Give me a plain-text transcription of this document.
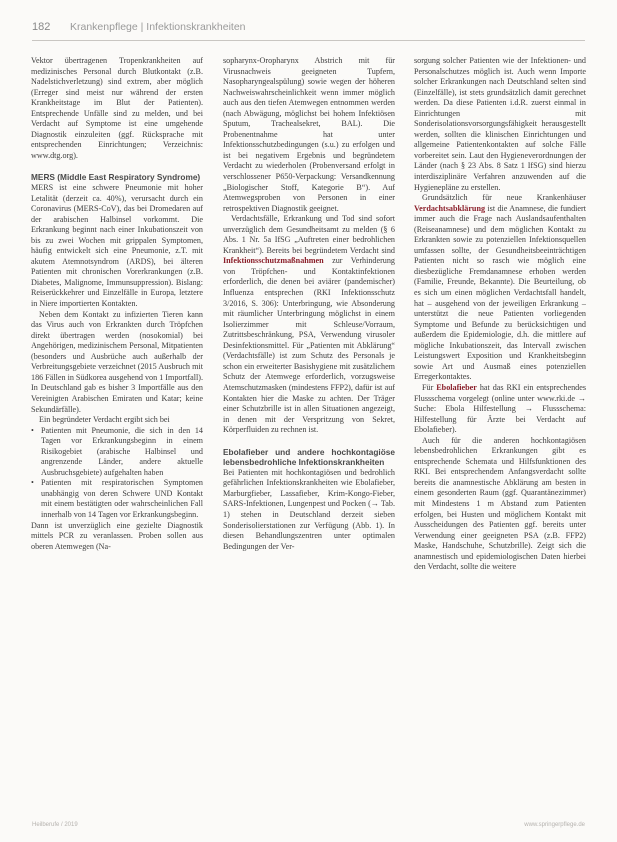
182 Krankenpflege | Infektionskrankheiten

Vektor übertragenen Tropenkrankheiten auf medizinisches Personal durch Blutkontakt (z.B. Nadelstichverletzung) sind extrem, aber möglich (Erreger sind meist nur während der ersten Krankheitstage im Blut der Patienten). Entsprechende Unfälle sind zu melden, und bei Verdacht auf Symptome ist eine umgehende Diagnostik einzuleiten (ggf. Rücksprache mit entsprechenden Einrichtungen; Verzeichnis: www.dtg.org).

MERS (Middle East Respiratory Syndrome)

MERS ist eine schwere Pneumonie mit hoher Letalität (derzeit ca. 40%), verursacht durch ein Coronavirus (MERS-CoV), das bei Dromedaren auf der arabischen Halbinsel vorkommt. Die Erkrankung beginnt nach einer Inkubationszeit von bis zu zwei Wochen mit grippalen Symptomen, häufig entwickelt sich eine Pneumonie, z.T. mit akutem Atemnotsyndrom (ARDS), bei älteren Patienten mit chronischen Vorerkrankungen (z.B. Diabetes, Malignome, Immunsuppression). Bislang: Reiserückkehrer und Einzelfälle in Europa, letztere in Niere importierten Kontakten.

Neben dem Kontakt zu infizierten Tieren kann das Virus auch von Erkrankten durch Tröpfchen direkt übertragen werden (nosokomial) bei Angehörigen, medizinischem Personal, Mitpatienten (besonders und Ausbrüche auch außerhalb der Verbreitungsgebiete verzeichnet (2015 Ausbruch mit 186 Fällen in Südkorea ausgehend von 1 Importfall). In Deutschland gab es bisher 3 Importfälle aus den Vereinigten Arabischen Emiraten und Katar; keine Sekundärfälle).

Ein begründeter Verdacht ergibt sich bei

• Patienten mit Pneumonie, die sich in den 14 Tagen vor Erkrankungsbeginn in einem Risikogebiet (arabische Halbinsel und angrenzende Länder, andere aktuelle Ausbruchsgebiete) aufgehalten haben
• Patienten mit respiratorischen Symptomen unabhängig von deren Schwere UND Kontakt mit einem bestätigten oder wahrscheinlichen Fall innerhalb von 14 Tagen vor Erkrankungsbeginn.

Dann ist unverzüglich eine gezielte Diagnostik mittels PCR zu veranlassen. Proben sollen aus oberen Atemwegen (Na-

sopharynx-Oropharynx Abstrich mit für Virusnachweis geeigneten Tupfern, Nasopharyngealspülung) sowie wegen der höheren Nachweiswahrscheinlichkeit wenn immer möglich auch aus den tiefen Atemwegen entnommen werden (nach Abwägung, möglichst bei hohem Infektiösen Sputum, Trachealsekret, BAL). Die Probenentnahme hat unter Infektionsschutzbedingungen (s.u.) zu erfolgen und ist bei negativem Ergebnis und begründetem Verdacht zu wiederholen (Probenversand erfolgt in verschlossener P650-Verpackung: Versandkennung „Biologischer Stoff, Kategorie B“). Auf Atemwegsproben von Personen in einer retrospektiven Diagnostik geeignet.

Verdachtsfälle, Erkrankung und Tod sind sofort unverzüglich dem Gesundheitsamt zu melden (§ 6 Abs. 1 Nr. 5a IfSG „Auftreten einer bedrohlichen Krankheit“). Bereits bei begründetem Verdacht sind Infektionsschutzmaßnahmen zur Verhinderung von Tröpfchen- und Kontaktinfektionen erforderlich, die denen bei aviärer (pandemischer) Influenza entsprechen (RKI Infektionsschutz 3/2016, S. 306): Unterbringung, wie Absonderung mit räumlicher Unterbringung möglichst in einem Isolierzimmer mit Schleuse/Vorraum, Zutrittsbeschränkung, PSA, Verwendung virusoler Desinfektionsmittel. Für „Patienten mit Abklärung“ (Verdachtsfälle) ist zum Schutz des Personals je schon ein erweiterter Basishygiene mit zusätzlichem Schutz der Atemwege erforderlich, vorzugsweise Atemschutzmasken (mindestens FFP2), dafür ist auf Kontakten hier die Maske zu achten. Der Träger einer Schutzbrille ist in allen Situationen angezeigt, in denen mit der Verspritzung von Sekret, Körperfluiden zu rechnen ist.

Ebolafieber und andere hochkontagiöse lebensbedrohliche Infektionskrankheiten

Bei Patienten mit hochkontagiösen und bedrohlich gefährlichen Infektionskrankheiten wie Ebolafieber, Marburgfieber, Lassafieber, Krim-Kongo-Fieber, SARS-Infektionen, Lungenpest und Pocken (→ Tab. 1) stehen in Deutschland derzeit sieben Sonderisolierstationen zur Verfügung (Abb. 1). In diesen Behandlungszentren unter optimalen Bedingungen der Ver-

sorgung solcher Patienten wie der Infektionen- und Personalschutzes möglich ist. Auch wenn Importe solcher Erkrankungen nach Deutschland selten sind (Einzelfälle), ist stets grundsätzlich damit gerechnet werden. Da diese Patienten i.d.R. zuerst einmal in Einrichtungen mit Sonderisolationsvorsorgungsfähigkeit herausgestellt werden, sollten die klinischen Einrichtungen und allgemeine Patientenkontakten auf solche Fälle vorbereitet sein. Laut den Hygieneverordnungen der Länder (nach § 23 Abs. 8 Satz 1 IfSG) sind hierzu interdisziplinäre Verfahren anzuwenden auf die Hygienepläne zu erstellen.

Grundsätzlich für neue Krankenhäuser Verdachtsabklärung ist die Anamnese, die fundiert immer auch die Frage nach Auslandsaufenthalten (Reiseanamnese) und dem möglichen Kontakt zu Erkrankten sowie zu potenziellen Infektionsquellen umfassen sollte, der Gesundheitsbeeinträchtigen Patienten nicht so rasch wie möglich eine diesbezügliche Fremdanamnese erhoben werden (Familie, Freunde, Bekannte). Die Beurteilung, ob es sich um einen möglichen Verdachtsfall handelt, hat – ausgehend von der jeweiligen Erkrankung – unterstützt die neue Patienten vorliegenden Symptome und Befunde zu berücksichtigen und außerdem die Epidemiologie, d.h. die mittlere auf mögliche Inkubationszeit, das Intervall zwischen Leistungswert Exposition und Krankheitsbeginn sowie Art und Ausmaß eines potenziellen Erregerkontaktes.

Für Ebolafieber hat das RKI ein entsprechendes Flussschema vorgelegt (online unter www.rki.de → Suche: Ebola Hilfestellung → Flussschema: Hilfestellung für Ärzte bei Verdacht auf Ebolafieber).

Auch für die anderen hochkontagiösen lebensbedrohlichen Erkrankungen gibt es entsprechende Schemata und Hilfsfunktionen des RKI. Bei entsprechendem Anfangsverdacht sollte bereits die anamnestische Abklärung am besten in einem gesonderten Raum (ggf. Quarantänezimmer) mit Mindestens 1 m Abstand zum Patienten erfolgen, bei Husten und möglichem Kontakt mit Ausscheidungen des Patienten ggf. bereits unter Verwendung einer geeigneten PSA (z.B. FFP2) Maske, Handschuhe, Schutzbrille). Zeigt sich die anamnestisch und epidemiologischen Daten hierbei den Verdacht, sollte die weitere

Heilberufe / 2019	www.springerpflege.de
